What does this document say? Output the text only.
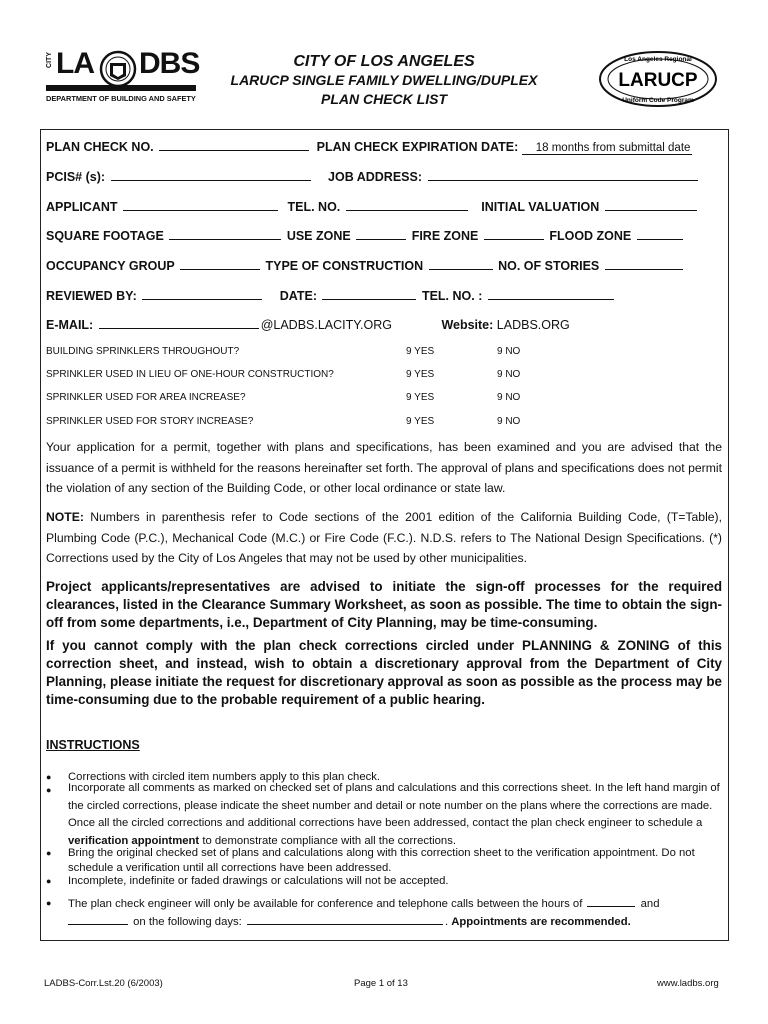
CITY LA DBS
DEPARTMENT OF BUILDING AND SAFETY
CITY OF LOS ANGELES
LARUCP SINGLE FAMILY DWELLING/DUPLEX
PLAN CHECK LIST
Los Angeles Regional
LARUCP
Uniform Code Program
PLAN CHECK NO.	PLAN CHECK EXPIRATION DATE: 18 months from submittal date
PCIS# (s):	JOB ADDRESS:
APPLICANT	TEL. NO.	INITIAL VALUATION
SQUARE FOOTAGE	USE ZONE	FIRE ZONE	FLOOD ZONE
OCCUPANCY GROUP	TYPE OF CONSTRUCTION	NO. OF STORIES
REVIEWED BY:	DATE:	TEL. NO. :
E-MAIL:	@LADBS.LACITY.ORG	Website: LADBS.ORG
BUILDING SPRINKLERS THROUGHOUT?	9 YES	9 NO
SPRINKLER USED IN LIEU OF ONE-HOUR CONSTRUCTION?	9 YES	9 NO
SPRINKLER USED FOR AREA INCREASE?	9 YES	9 NO
SPRINKLER USED FOR STORY INCREASE?	9 YES	9 NO
Your application for a permit, together with plans and specifications, has been examined and you are advised that the issuance of a permit is withheld for the reasons hereinafter set forth. The approval of plans and specifications does not permit the violation of any section of the Building Code, or other local ordinance or state law.
NOTE: Numbers in parenthesis refer to Code sections of the 2001 edition of the California Building Code, (T=Table), Plumbing Code (P.C.), Mechanical Code (M.C.) or Fire Code (F.C.). N.D.S. refers to The National Design Specifications. (*) Corrections used by the City of Los Angeles that may not be used by other municipalities.
Project applicants/representatives are advised to initiate the sign-off processes for the required clearances, listed in the Clearance Summary Worksheet, as soon as possible. The time to obtain the sign-off from some departments, i.e., Department of City Planning, may be time-consuming.
If you cannot comply with the plan check corrections circled under PLANNING & ZONING of this correction sheet, and instead, wish to obtain a discretionary approval from the Department of City Planning, please initiate the request for discretionary approval as soon as possible as the process may be time-consuming due to the probable requirement of a public hearing.
INSTRUCTIONS
● Corrections with circled item numbers apply to this plan check.
● Incorporate all comments as marked on checked set of plans and calculations and this corrections sheet. In the left hand margin of the circled corrections, please indicate the sheet number and detail or note number on the plans where the corrections are made. Once all the circled corrections and additional corrections have been addressed, contact the plan check engineer to schedule a verification appointment to demonstrate compliance with all the corrections.
● Bring the original checked set of plans and calculations along with this correction sheet to the verification appointment. Do not schedule a verification until all corrections have been addressed.
● Incomplete, indefinite or faded drawings or calculations will not be accepted.
● The plan check engineer will only be available for conference and telephone calls between the hours of	and
on the following days:	. Appointments are recommended.
LADBS-Corr.Lst.20 (6/2003)	Page 1 of 13	www.ladbs.org
